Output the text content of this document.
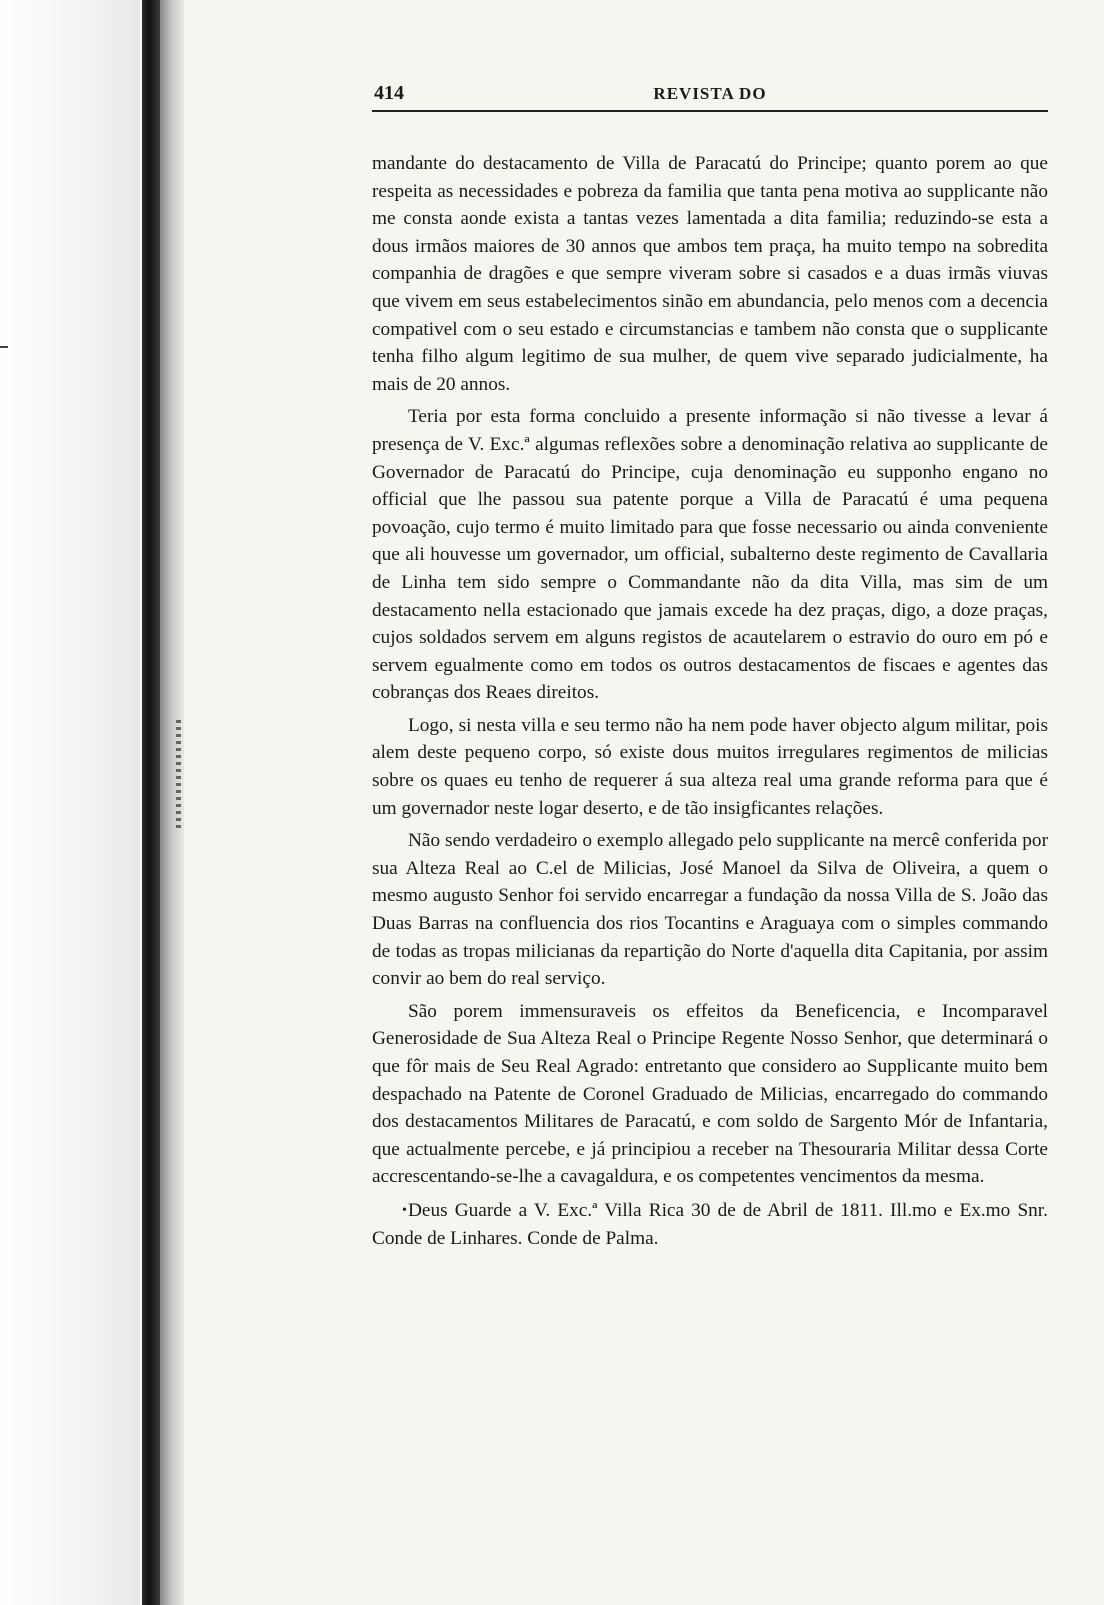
414	REVISTA DO

mandante do destacamento de Villa de Paracatú do Principe; quanto porem ao que respeita as necessidades e pobreza da familia que tanta pena motiva ao supplicante não me consta aonde exista a tantas vezes lamentada a dita familia; reduzindo-se esta a dous irmãos maiores de 30 annos que ambos tem praça, ha muito tempo na sobredita companhia de dragões e que sempre viveram sobre si casados e a duas irmãs viuvas que vivem em seus estabelecimentos sinão em abundancia, pelo menos com a decencia compativel com o seu estado e circumstancias e tambem não consta que o supplicante tenha filho algum legitimo de sua mulher, de quem vive separado judicialmente, ha mais de 20 annos.

Teria por esta forma concluido a presente informação si não tivesse a levar á presença de V. Exc.ª algumas reflexões sobre a denominação relativa ao supplicante de Governador de Paracatú do Principe, cuja denominação eu supponho engano no official que lhe passou sua patente porque a Villa de Paracatú é uma pequena povoação, cujo termo é muito limitado para que fosse necessario ou ainda conveniente que ali houvesse um governador, um official, subalterno deste regimento de Cavallaria de Linha tem sido sempre o Commandante não da dita Villa, mas sim de um destacamento nella estacionado que jamais excede ha dez praças, digo, a doze praças, cujos soldados servem em alguns registos de acautelarem o estravio do ouro em pó e servem egualmente como em todos os outros destacamentos de fiscaes e agentes das cobranças dos Reaes direitos.

Logo, si nesta villa e seu termo não ha nem pode haver objecto algum militar, pois alem deste pequeno corpo, só existe dous muitos irregulares regimentos de milicias sobre os quaes eu tenho de requerer á sua alteza real uma grande reforma para que é um governador neste logar deserto, e de tão insigficantes relações.

Não sendo verdadeiro o exemplo allegado pelo supplicante na mercê conferida por sua Alteza Real ao C.el de Milicias, José Manoel da Silva de Oliveira, a quem o mesmo augusto Senhor foi servido encarregar a fundação da nossa Villa de S. João das Duas Barras na confluencia dos rios Tocantins e Araguaya com o simples commando de todas as tropas milicianas da repartição do Norte d'aquella dita Capitania, por assim convir ao bem do real serviço.

São porem immensuraveis os effeitos da Beneficencia, e Incomparavel Generosidade de Sua Alteza Real o Principe Regente Nosso Senhor, que determinará o que fôr mais de Seu Real Agrado: entretanto que considero ao Supplicante muito bem despachado na Patente de Coronel Graduado de Milicias, encarregado do commando dos destacamentos Militares de Paracatú, e com soldo de Sargento Mór de Infantaria, que actualmente percebe, e já principiou a receber na Thesouraria Militar dessa Corte accrescentando-se-lhe a cavagaldura, e os competentes vencimentos da mesma.

• Deus Guarde a V. Exc.ª Villa Rica 30 de de Abril de 1811. Ill.mo e Ex.mo Snr. Conde de Linhares. Conde de Palma.
